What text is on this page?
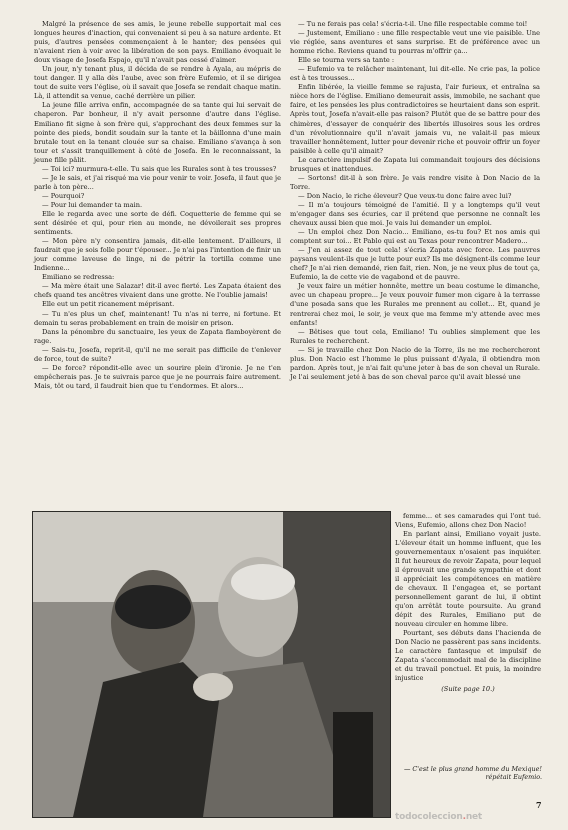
Malgré la présence de ses amis, le jeune rebelle supportait mal ces longues heures d'inaction, qui convenaient si peu à sa nature ardente. Et puis, d'autres pensées commençaient à le hanter; des pensées qui n'avaient rien à voir avec la libération de son pays. Emiliano évoquait le doux visage de Josefa Espajo, qu'il n'avait pas cessé d'aimer.

Un jour, n'y tenant plus, il décida de se rendre à Ayala, au mépris de tout danger. Il y alla dès l'aube, avec son frère Eufemio, et il se dirigea tout de suite vers l'église, où il savait que Josefa se rendait chaque matin. Là, il attendit sa venue, caché derrière un pilier.

La jeune fille arriva enfin, accompagnée de sa tante qui lui servait de chaperon. Par bonheur, il n'y avait personne d'autre dans l'église. Emiliano fit signe à son frère qui, s'approchant des deux femmes sur la pointe des pieds, bondit soudain sur la tante et la bâillonna d'une main brutale tout en la tenant clouée sur sa chaise. Emiliano s'avança à son tour et s'assit tranquillement à côté de Josefa. En le reconnaissant, la jeune fille pâlit.

— Toi ici? murmura-t-elle. Tu sais que les Rurales sont à tes trousses?

— Je le sais, et j'ai risqué ma vie pour venir te voir. Josefa, il faut que je parle à ton père...

— Pourquoi?

— Pour lui demander ta main.

Elle le regarda avec une sorte de défi. Coquetterie de femme qui se sent désirée et qui, pour rien au monde, ne dévoilerait ses propres sentiments.

— Mon père n'y consentira jamais, dit-elle lentement. D'ailleurs, il faudrait que je sois folle pour t'épouser... Je n'ai pas l'intention de finir un jour comme laveuse de linge, ni de pétrir la tortilla comme une Indienne...

Emiliano se redressa:

— Ma mère était une Salazar! dit-il avec fierté. Les Zapata étaient des chefs quand tes ancêtres vivaient dans une grotte. Ne l'oublie jamais!

Elle eut un petit ricanement méprisant.

— Tu n'es plus un chef, maintenant! Tu n'as ni terre, ni fortune. Et demain tu seras probablement en train de moisir en prison.

Dans la pénombre du sanctuaire, les yeux de Zapata flamboyèrent de rage.

— Sais-tu, Josefa, reprit-il, qu'il ne me serait pas difficile de t'enlever de force, tout de suite?

— De force? répondit-elle avec un sourire plein d'ironie. Je ne t'en empêcherais pas. Je te suivrais parce que je ne pourrais faire autrement. Mais, tôt ou tard, il faudrait bien que tu t'endormes. Et alors...

— Tu ne ferais pas cela! s'écria-t-il. Une fille respectable comme toi!

— Justement, Emiliano : une fille respectable veut une vie paisible. Une vie réglée, sans aventures et sans surprise. Et de préférence avec un homme riche. Reviens quand tu pourras m'offrir ça...

Elle se tourna vers sa tante :

— Eufemio va te relâcher maintenant, lui dit-elle. Ne crie pas, la police est à tes trousses...

Enfin libérée, la vieille femme se rajusta, l'air furieux, et entraîna sa nièce hors de l'église. Emiliano demeurait assis, immobile, ne sachant que faire, et les pensées les plus contradictoires se heurtaient dans son esprit. Après tout, Josefa n'avait-elle pas raison? Plutôt que de se battre pour des chimères, d'essayer de conquérir des libertés illusoires sous les ordres d'un révolutionnaire qu'il n'avait jamais vu, ne valait-il pas mieux travailler honnêtement, lutter pour devenir riche et pouvoir offrir un foyer paisible à celle qu'il aimait?

Le caractère impulsif de Zapata lui commandait toujours des décisions brusques et inattendues.

— Sortons! dit-il à son frère. Je vais rendre visite à Don Nacio de la Torre.

— Don Nacio, le riche éleveur? Que veux-tu donc faire avec lui?

— Il m'a toujours témoigné de l'amitié. Il y a longtemps qu'il veut m'engager dans ses écuries, car il prétend que personne ne connaît les chevaux aussi bien que moi. Je vais lui demander un emploi.

— Un emploi chez Don Nacio... Emiliano, es-tu fou? Et nos amis qui comptent sur toi... Et Pablo qui est au Texas pour rencontrer Madero...

— J'en ai assez de tout cela! s'écria Zapata avec force. Les pauvres paysans veulent-ils que je lutte pour eux? Ils me désignent-ils comme leur chef? Je n'ai rien demandé, rien fait, rien. Non, je ne veux plus de tout ça, Eufemio, la de cette vie de vagabond et de pauvre.

Je veux faire un métier honnête, mettre un beau costume le dimanche, avec un chapeau propre... Je veux pouvoir fumer mon cigare à la terrasse d'une posada sans que les Rurales me prennent au collet... Et, quand je rentrerai chez moi, le soir, je veux que ma femme m'y attende avec mes enfants!

— Bêtises que tout cela, Emiliano! Tu oublies simplement que les Rurales te recherchent.

— Si je travaille chez Don Nacio de la Torre, ils ne me rechercheront plus. Don Nacio est l'homme le plus puissant d'Ayala, il obtiendra mon pardon. Après tout, je n'ai fait qu'une jeter à bas de son cheval un Rurale. Je l'ai seulement jeté à bas de son cheval parce qu'il avait blessé une

femme... et ses camarades qui l'ont tué. Viens, Eufemio, allons chez Don Nacio!

En parlant ainsi, Emiliano voyait juste. L'éleveur était un homme influent, que les gouvernementaux n'osaient pas inquiéter. Il fut heureux de revoir Zapata, pour lequel il éprouvait une grande sympathie et dont il appréciait les compétences en matière de chevaux. Il l'engagea et, se portant personnellement garant de lui, il obtint qu'on arrêtât toute poursuite. Au grand dépit des Rurales, Emiliano put de nouveau circuler en homme libre.

Pourtant, ses débuts dans l'hacienda de Don Nacio ne passèrent pas sans incidents. Le caractère fantasque et impulsif de Zapata s'accommodait mal de la discipline et du travail ponctuel. Et puis, la moindre injustice

(Suite page 10.)

— C'est le plus grand homme du Mexique! répétait Eufemio.
7
todocoleccion.net
